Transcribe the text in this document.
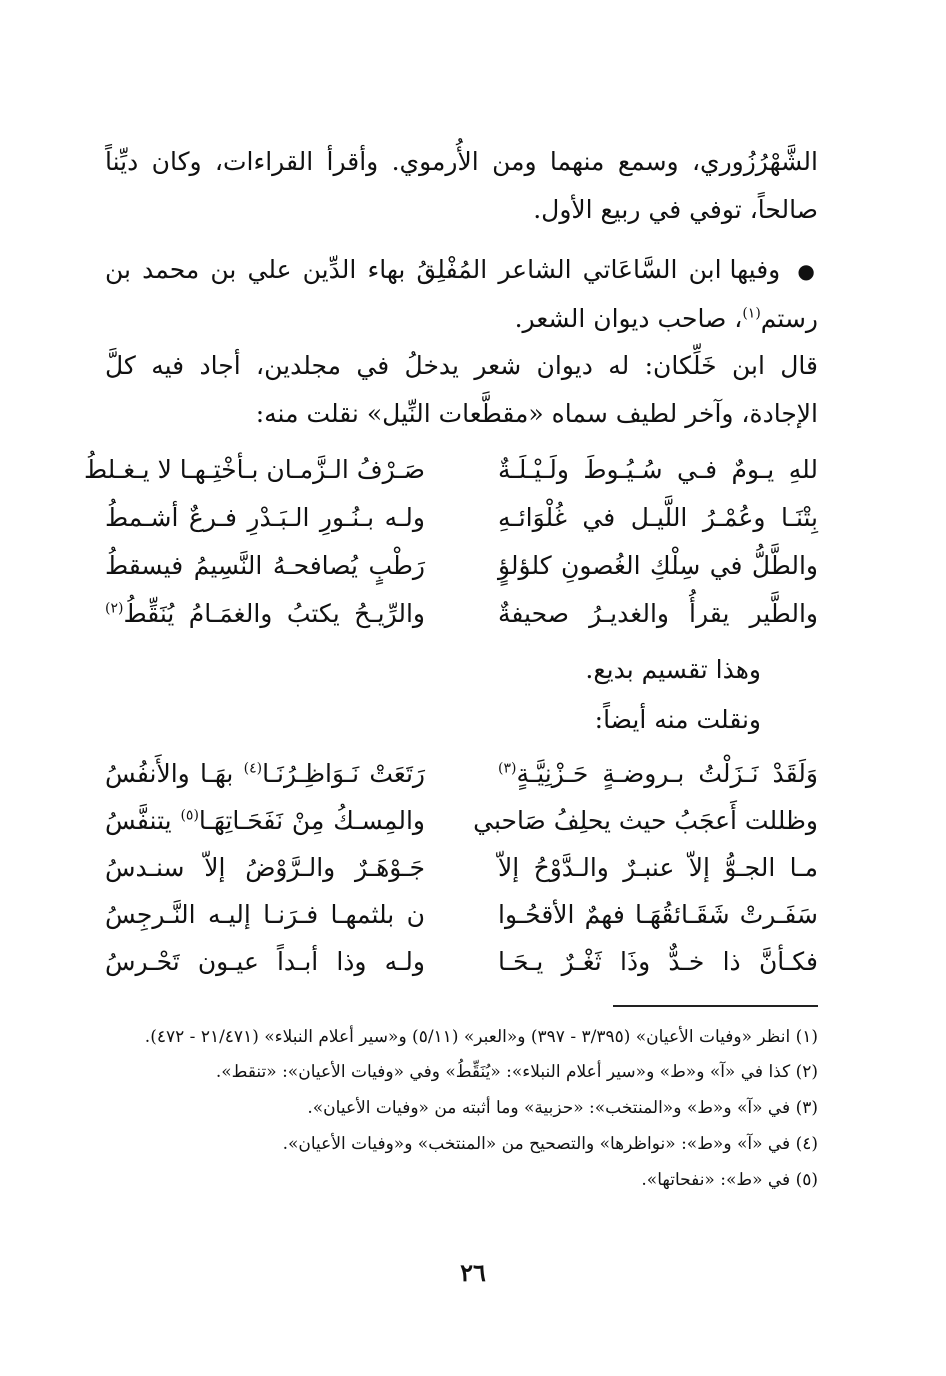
الشَّهْرُزُوري، وسمع منهما ومن الأُرموي. وأقرأ القراءات، وكان ديِّناً صالحاً، توفي في ربيع الأول.
● وفيها ابن السَّاعَاتي الشاعر المُفْلِقُ بهاء الدِّين علي بن محمد بن رستم$^{(١)}$، صاحب ديوان الشعر.
قال ابن خَلِّكان: له ديوان شعر يدخلُ في مجلدين، أجاد فيه كلَّ الإجادة، وآخر لطيف سماه «مقطَّعات النِّيل» نقلت منه:
للهِ يـومٌ فـي سُـيُـوطَ ولَـيْـلَـةٌ
صَـرْفُ الـزَّمـان بـأخْتِـهـا لا يـغـلطُ
بِتْنَـا وعُمْـرُ اللَّيـل في غُلْوَائـهِ
ولـه بـنُـورِ الـبَـدْرِ فـرعٌ أشـمطُ
والطَّلُّ في سِلْكِ الغُصونِ كلؤلؤٍ
رَطْبٍ يُصافحـهُ النَّسِيمُ فيسقطُ
والطَّير يقرأُ والغديـرُ صحيفةٌ
والرِّيـحُ يكتبُ والغمَـامُ يُنَقِّطُ$^{(٢)}$
وهذا تقسيم بديع.
ونقلت منه أيضاً:
وَلَقَدْ نَـزَلْتُ بـروضـةٍ حَـزْنِيَّـةٍ$^{(٣)}$
رَتَعَتْ نَـوَاظِـرُنَـا$^{(٤)}$ بهَـا والأَنفُسُ
وظللت أَعجَبُ حيث يحلِفُ صَاحبي
والمِسـكُ مِنْ نَفَحَـاتِهَـا$^{(٥)}$ يتنفَّسُ
مـا الجـوُّ إلاّ عنبـرٌ والـدَّوْحُ إلاّ
جَـوْهَـرٌ والـرَّوْضُ إلاّ سنـدسُ
سَفَـرتْ شَقَـائقُهَـا فهمٌ الأقحُـوا
ن بلثمهـا فـرَنـا إليـه النَّـرجِسُ
فكـأنَّ ذا خـدٌّ وذَا ثَغْـرٌ يـحَـا
ولـه وذا أبـداً عيـون تَحْـرسُ
(١) انظر «وفيات الأعيان» (٣/٣٩٥ - ٣٩٧) و«العبر» (٥/١١) و«سير أعلام النبلاء» (٢١/٤٧١ - ٤٧٢).
(٢) كذا في «آ» و«ط» و«سير أعلام النبلاء»: «يُنَقِّطُ» وفي «وفيات الأعيان»: «تنقط».
(٣) في «آ» و«ط» و«المنتخب»: «حزبية» وما أثبته من «وفيات الأعيان».
(٤) في «آ» و«ط»: «نواظرها» والتصحيح من «المنتخب» و«وفيات الأعيان».
(٥) في «ط»: «نفحاتها».
٢٦
